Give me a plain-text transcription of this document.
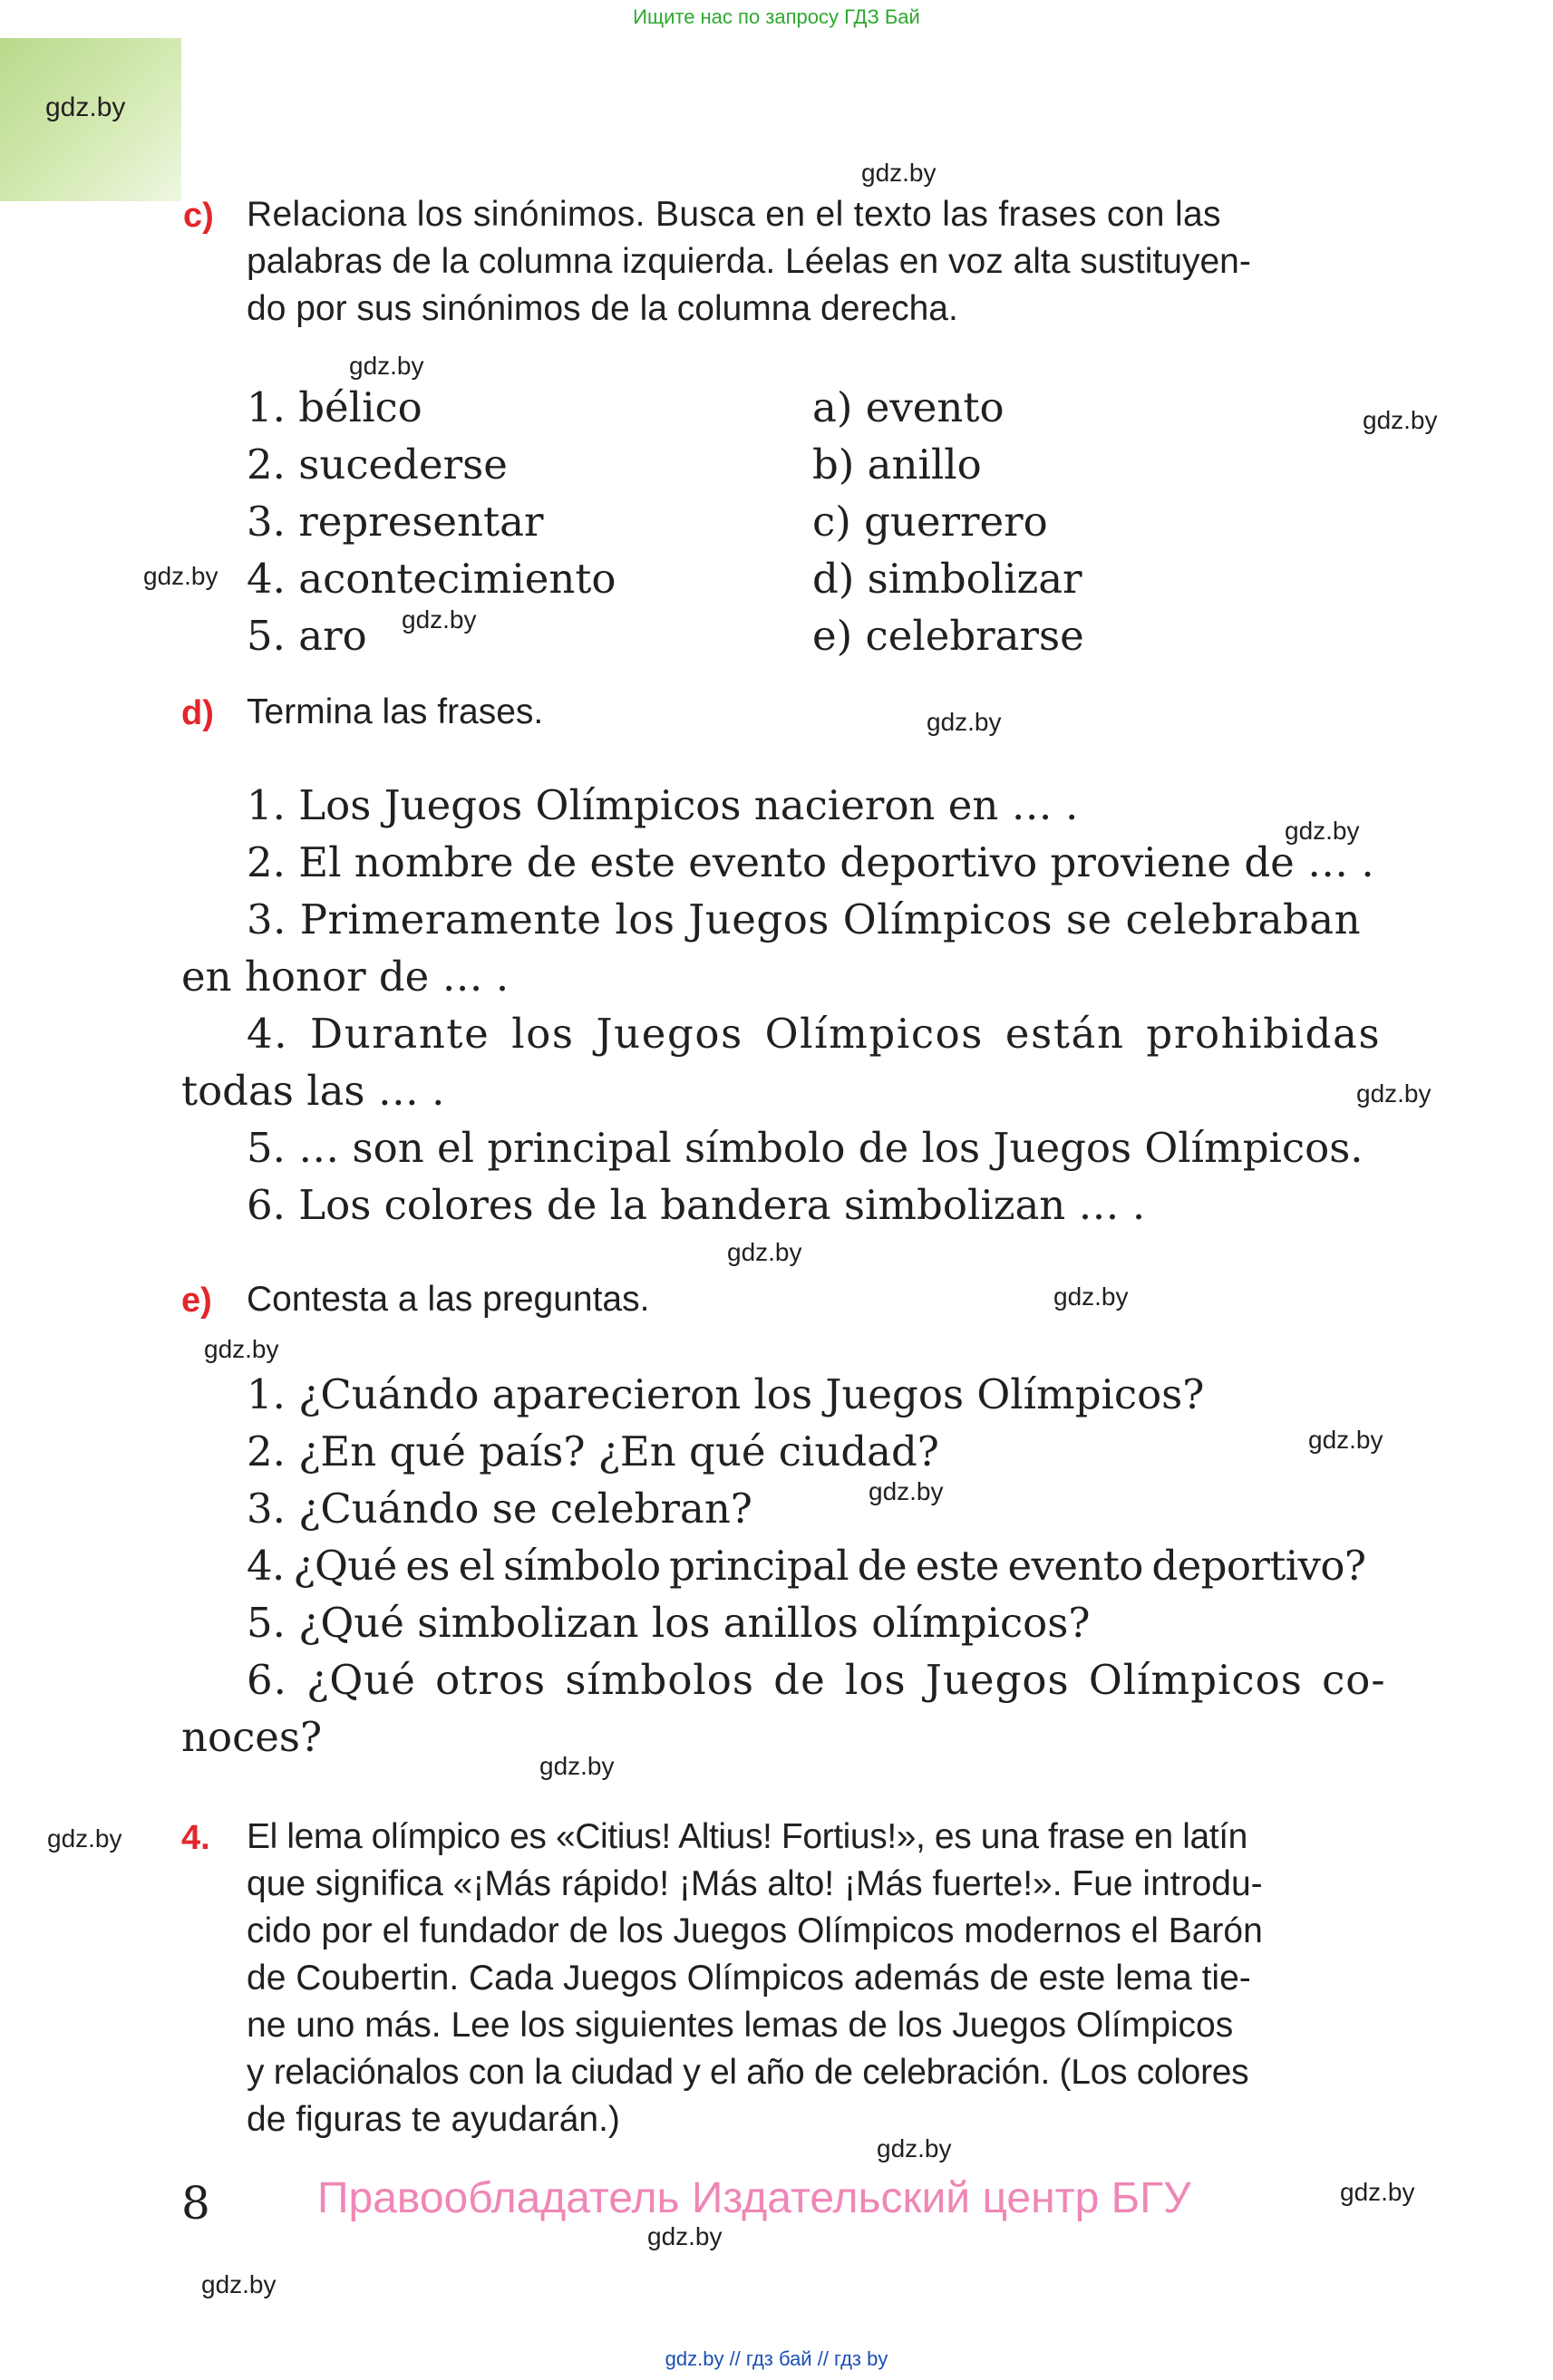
Ищите нас по запросу ГДЗ Бай
gdz.by
gdz.by
gdz.by
gdz.by
gdz.by
gdz.by
gdz.by
gdz.by
gdz.by
gdz.by
gdz.by
gdz.by
gdz.by
gdz.by
gdz.by
gdz.by
gdz.by
gdz.by
gdz.by
gdz.by
c) Relaciona los sinónimos. Busca en el texto las frases con las
palabras de la columna izquierda. Léelas en voz alta sustituyen-
do por sus sinónimos de la columna derecha.
1. bélico
2. sucederse
3. representar
4. acontecimiento
5. aro
a) evento
b) anillo
c) guerrero
d) simbolizar
e) celebrarse
d) Termina las frases.
1. Los Juegos Olímpicos nacieron en … .
2. El nombre de este evento deportivo proviene de … .
3. Primeramente los Juegos Olímpicos se celebraban
en honor de … .
4. Durante los Juegos Olímpicos están prohibidas
todas las … .
5. … son el principal símbolo de los Juegos Olímpicos.
6. Los colores de la bandera simbolizan … .
e) Contesta a las preguntas.
1. ¿Cuándo aparecieron los Juegos Olímpicos?
2. ¿En qué país? ¿En qué ciudad?
3. ¿Cuándo se celebran?
4. ¿Qué es el símbolo principal de este evento deportivo?
5. ¿Qué simbolizan los anillos olímpicos?
6. ¿Qué otros símbolos de los Juegos Olímpicos co-
noces?
4. El lema olímpico es «Citius! Altius! Fortius!», es una frase en latín
que significa «¡Más rápido! ¡Más alto! ¡Más fuerte!». Fue introdu-
cido por el fundador de los Juegos Olímpicos modernos el Barón
de Coubertin. Cada Juegos Olímpicos además de este lema tie-
ne uno más. Lee los siguientes lemas de los Juegos Olímpicos
y relaciónalos con la ciudad y el año de celebración. (Los colores
de figuras te ayudarán.)
8 Правообладатель Издательский центр БГУ
gdz.by // гдз бай // гдз by
